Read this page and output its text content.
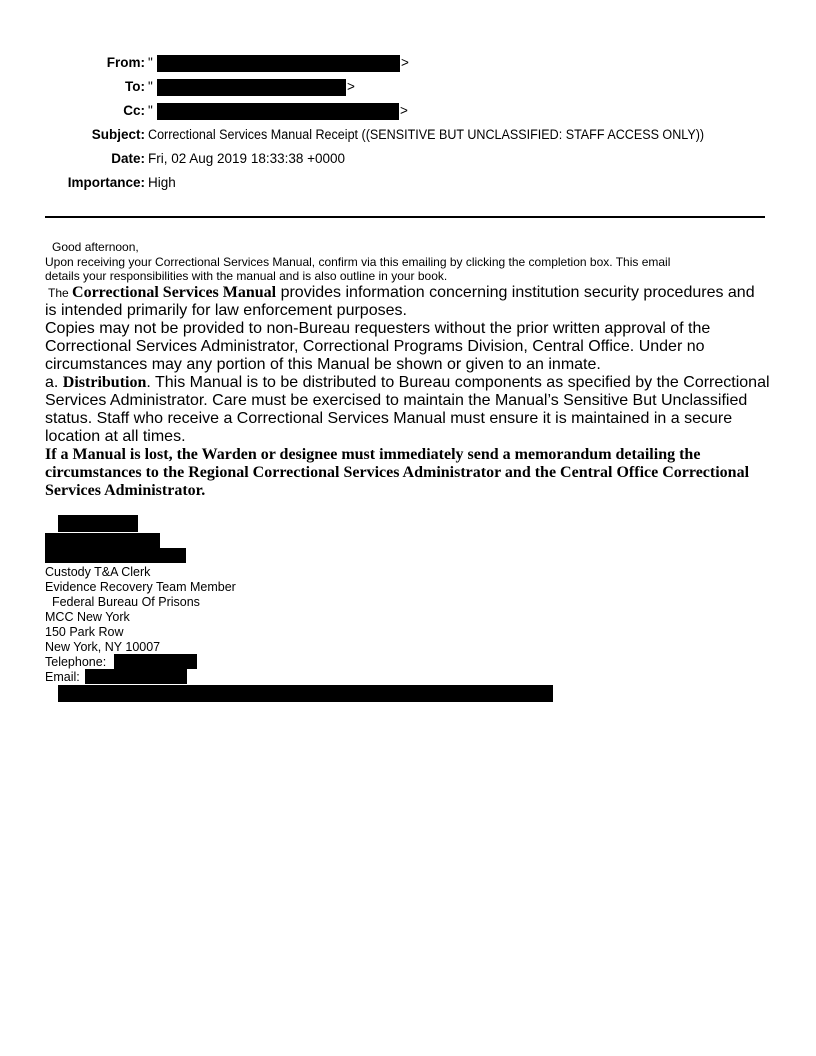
From: "	>
To: "	>
Cc: "	>
Subject: Correctional Services Manual Receipt ((SENSITIVE BUT UNCLASSIFIED: STAFF ACCESS ONLY))
Date: Fri, 02 Aug 2019 18:33:38 +0000
Importance: High
Good afternoon,
Upon receiving your Correctional Services Manual, confirm via this emailing by clicking the completion box. This email
details your responsibilities with the manual and is also outline in your book.
The Correctional Services Manual provides information concerning institution security procedures and
is intended primarily for law enforcement purposes.
Copies may not be provided to non-Bureau requesters without the prior written approval of the
Correctional Services Administrator, Correctional Programs Division, Central Office. Under no
circumstances may any portion of this Manual be shown or given to an inmate.
a. Distribution. This Manual is to be distributed to Bureau components as specified by the Correctional
Services Administrator. Care must be exercised to maintain the Manual’s Sensitive But Unclassified
status. Staff who receive a Correctional Services Manual must ensure it is maintained in a secure
location at all times.
If a Manual is lost, the Warden or designee must immediately send a memorandum detailing the
circumstances to the Regional Correctional Services Administrator and the Central Office Correctional
Services Administrator.
Custody T&A Clerk
Evidence Recovery Team Member
Federal Bureau Of Prisons
MCC New York
150 Park Row
New York, NY 10007
Telephone:
Email:
